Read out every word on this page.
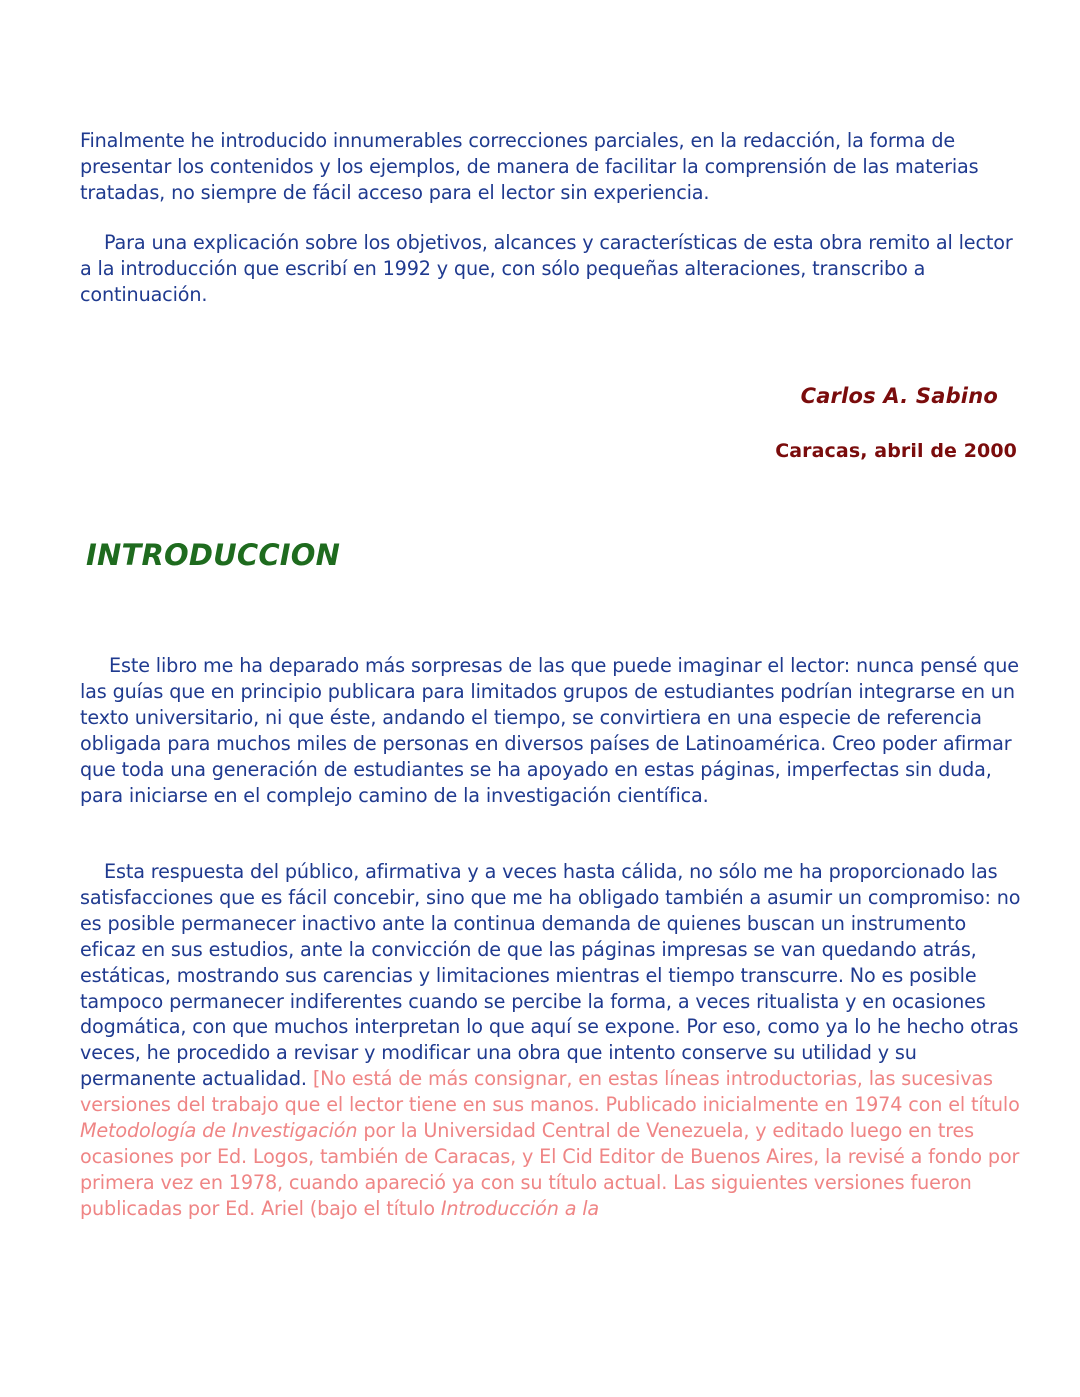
Finalmente he introducido innumerables correcciones parciales, en la redacción, la forma de presentar los contenidos y los ejemplos, de manera de facilitar la comprensión de las materias tratadas, no siempre de fácil acceso para el lector sin experiencia.

Para una explicación sobre los objetivos, alcances y características de esta obra remito al lector a la introducción que escribí en 1992 y que, con sólo pequeñas alteraciones, transcribo a continuación.

Carlos A. Sabino

Caracas, abril de 2000

INTRODUCCION

Este libro me ha deparado más sorpresas de las que puede imaginar el lector: nunca pensé que las guías que en principio publicara para limitados grupos de estudiantes podrían integrarse en un texto universitario, ni que éste, andando el tiempo, se convirtiera en una especie de referencia obligada para muchos miles de personas en diversos países de Latinoamérica. Creo poder afirmar que toda una generación de estudiantes se ha apoyado en estas páginas, imperfectas sin duda, para iniciarse en el complejo camino de la investigación científica.

Esta respuesta del público, afirmativa y a veces hasta cálida, no sólo me ha proporcionado las satisfacciones que es fácil concebir, sino que me ha obligado también a asumir un compromiso: no es posible permanecer inactivo ante la continua demanda de quienes buscan un instrumento eficaz en sus estudios, ante la convicción de que las páginas impresas se van quedando atrás, estáticas, mostrando sus carencias y limitaciones mientras el tiempo transcurre. No es posible tampoco permanecer indiferentes cuando se percibe la forma, a veces ritualista y en ocasiones dogmática, con que muchos interpretan lo que aquí se expone. Por eso, como ya lo he hecho otras veces, he procedido a revisar y modificar una obra que intento conserve su utilidad y su permanente actualidad. [No está de más consignar, en estas líneas introductorias, las sucesivas versiones del trabajo que el lector tiene en sus manos. Publicado inicialmente en 1974 con el título Metodología de Investigación por la Universidad Central de Venezuela, y editado luego en tres ocasiones por Ed. Logos, también de Caracas, y El Cid Editor de Buenos Aires, la revisé a fondo por primera vez en 1978, cuando apareció ya con su título actual. Las siguientes versiones fueron publicadas por Ed. Ariel (bajo el título Introducción a la
